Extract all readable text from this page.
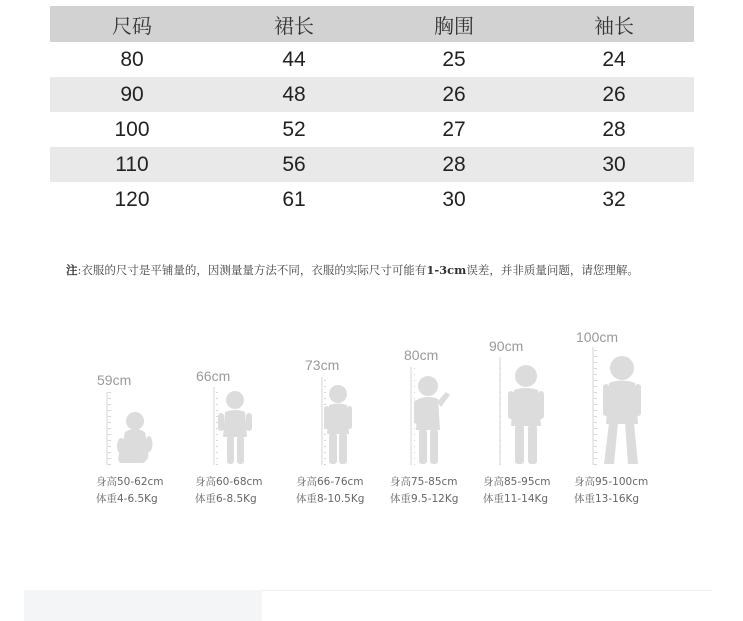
尺码	裙长	胸围	袖长
80	44	25	24
90	48	26	26
100	52	27	28
110	56	28	30
120	61	30	32
注:衣服的尺寸是平铺量的，因测量量方法不同，衣服的实际尺寸可能有1-3cm误差，并非质量问题，请您理解。
59cm	66cm
73cm
80cm
90cm
100cm
身高50-62cm
体重4-6.5Kg
身高60-68cm
体重6-8.5Kg
身高66-76cm
体重8-10.5Kg
身高75-85cm
体重9.5-12Kg
身高85-95cm
体重11-14Kg
身高95-100cm
体重13-16Kg
